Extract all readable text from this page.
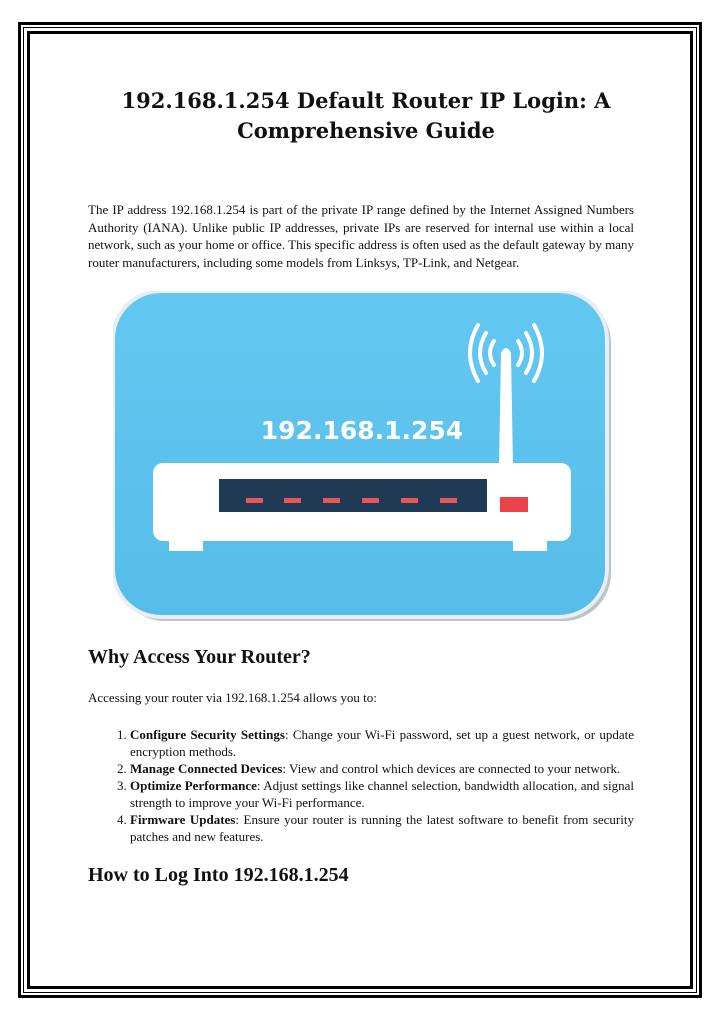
192.168.1.254 Default Router IP Login: A Comprehensive Guide

The IP address 192.168.1.254 is part of the private IP range defined by the Internet Assigned Numbers Authority (IANA). Unlike public IP addresses, private IPs are reserved for internal use within a local network, such as your home or office. This specific address is often used as the default gateway by many router manufacturers, including some models from Linksys, TP-Link, and Netgear.

192.168.1.254
Why Access Your Router?

Accessing your router via 192.168.1.254 allows you to:

1. Configure Security Settings: Change your Wi-Fi password, set up a guest network, or update encryption methods.
2. Manage Connected Devices: View and control which devices are connected to your network.
3. Optimize Performance: Adjust settings like channel selection, bandwidth allocation, and signal strength to improve your Wi-Fi performance.
4. Firmware Updates: Ensure your router is running the latest software to benefit from security patches and new features.
How to Log Into 192.168.1.254
